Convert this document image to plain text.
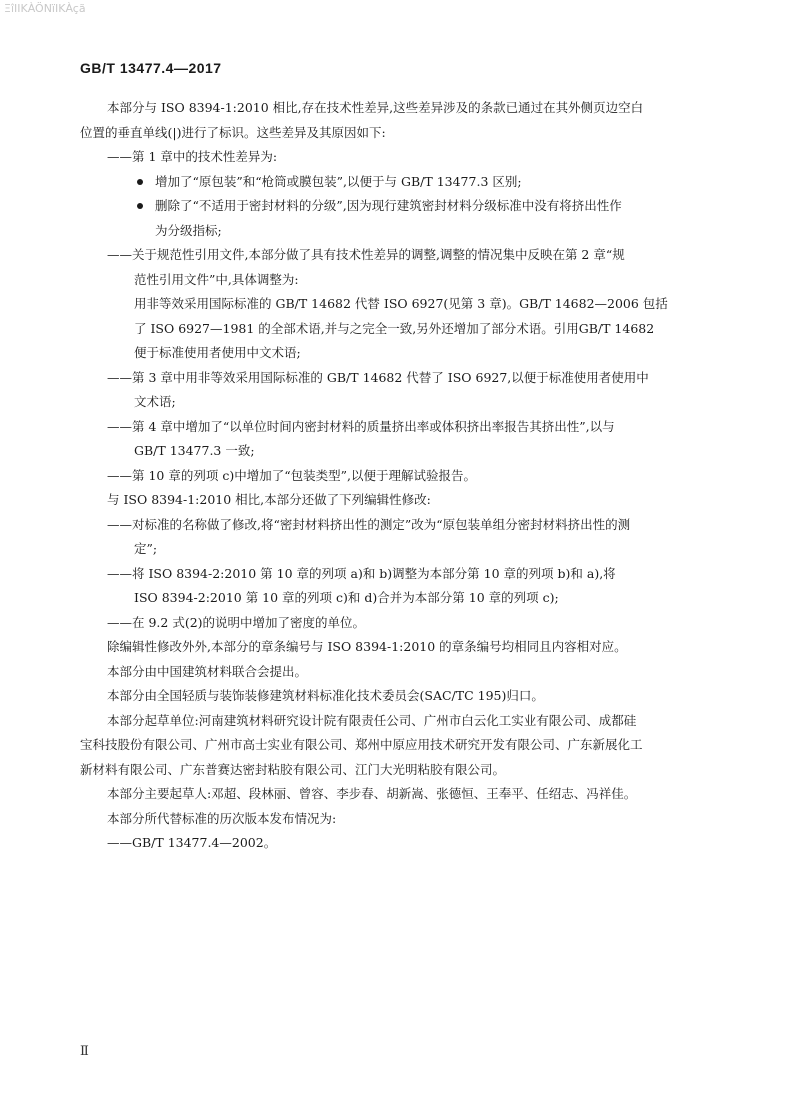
ΞîΙΙΚÀÖΝïΙΚÀçã
GB/T 13477.4—2017

本部分与 ISO 8394-1:2010 相比,存在技术性差异,这些差异涉及的条款已通过在其外侧页边空白

位置的垂直单线(|)进行了标识。这些差异及其原因如下:

——第 1 章中的技术性差异为:

增加了“原包装”和“枪筒或膜包装”,以便于与 GB/T 13477.3 区别;

删除了“不适用于密封材料的分级”,因为现行建筑密封材料分级标准中没有将挤出性作
为分级指标;

——关于规范性引用文件,本部分做了具有技术性差异的调整,调整的情况集中反映在第 2 章“规

范性引用文件”中,具体调整为:

用非等效采用国际标准的 GB/T 14682 代替 ISO 6927(见第 3 章)。GB/T 14682—2006 包括

了 ISO 6927—1981 的全部术语,并与之完全一致,另外还增加了部分术语。引用GB/T 14682

便于标准使用者使用中文术语;

——第 3 章中用非等效采用国际标准的 GB/T 14682 代替了 ISO 6927,以便于标准使用者使用中

文术语;

——第 4 章中增加了“以单位时间内密封材料的质量挤出率或体积挤出率报告其挤出性”,以与

GB/T 13477.3 一致;

——第 10 章的列项 c)中增加了“包装类型”,以便于理解试验报告。

与 ISO 8394-1:2010 相比,本部分还做了下列编辑性修改:

——对标准的名称做了修改,将“密封材料挤出性的测定”改为“原包装单组分密封材料挤出性的测

定”;

——将 ISO 8394-2:2010 第 10 章的列项 a)和 b)调整为本部分第 10 章的列项 b)和 a),将

ISO 8394-2:2010 第 10 章的列项 c)和 d)合并为本部分第 10 章的列项 c);

——在 9.2 式(2)的说明中增加了密度的单位。

除编辑性修改外外,本部分的章条编号与 ISO 8394-1:2010 的章条编号均相同且内容相对应。

本部分由中国建筑材料联合会提出。

本部分由全国轻质与装饰装修建筑材料标准化技术委员会(SAC/TC 195)归口。

本部分起草单位:河南建筑材料研究设计院有限责任公司、广州市白云化工实业有限公司、成都硅

宝科技股份有限公司、广州市高士实业有限公司、郑州中原应用技术研究开发有限公司、广东新展化工

新材料有限公司、广东普赛达密封粘胶有限公司、江门大光明粘胶有限公司。

本部分主要起草人:邓超、段林丽、曾容、李步春、胡新嵩、张德恒、王奉平、任绍志、冯祥佳。

本部分所代替标准的历次版本发布情况为:

——GB/T 13477.4—2002。

Ⅱ
